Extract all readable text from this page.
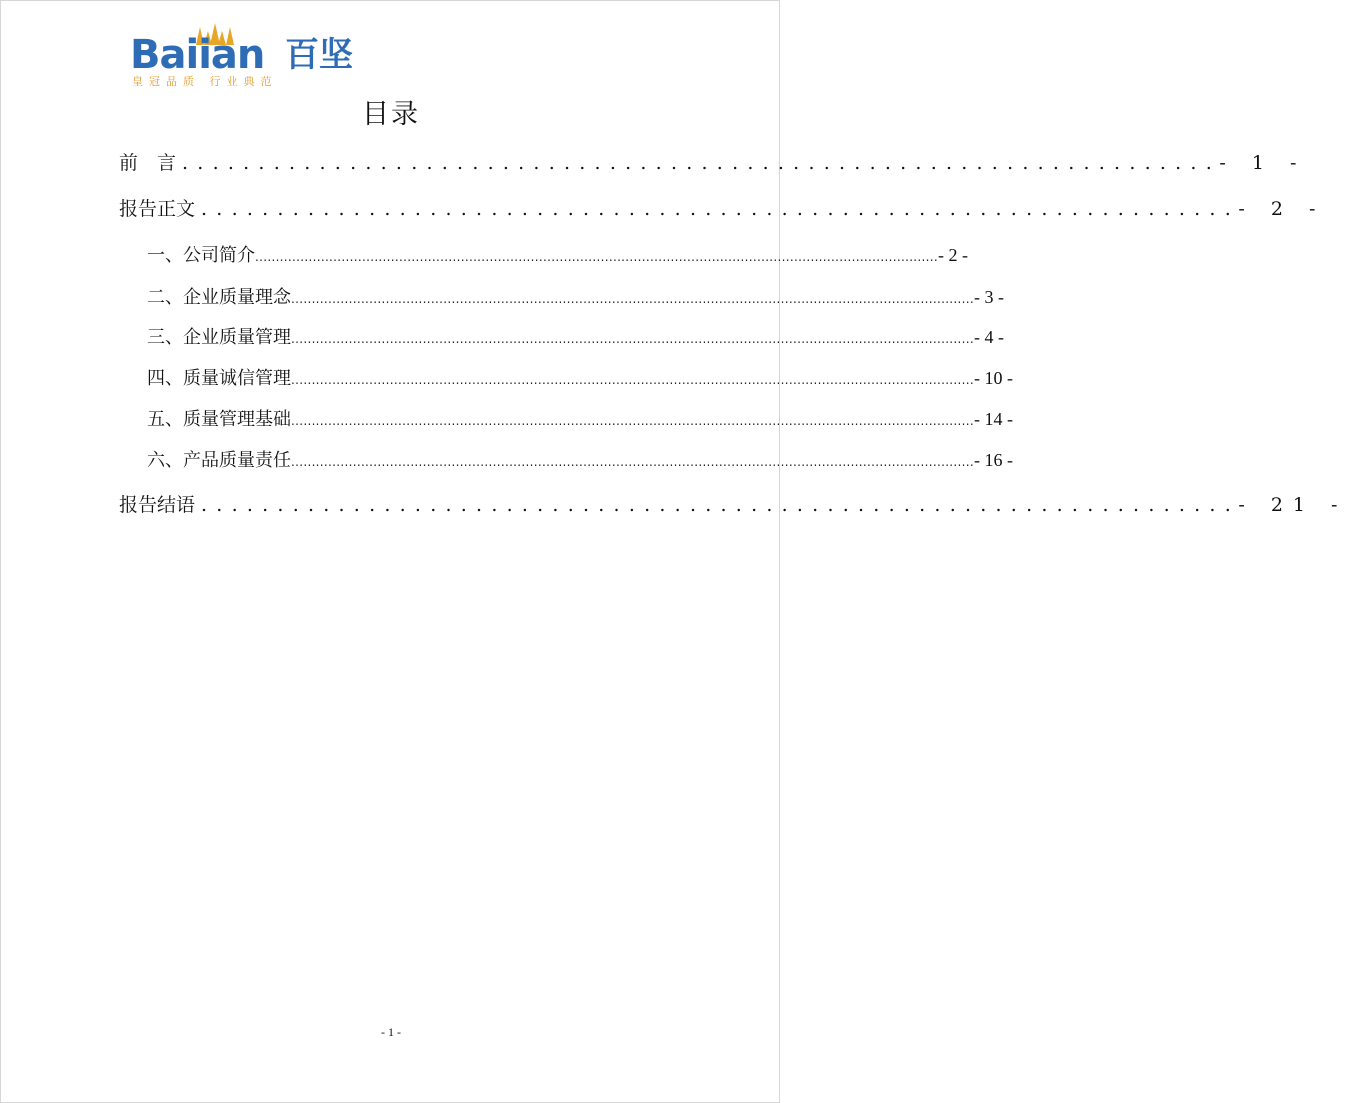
Baiian 百坚
皇冠品质 行业典范
目录
前　言 . . .	- 1 -
报告正文 . . .	- 2 -
一、公司简介 .....	- 2 -
二、企业质量理念 .....	- 3 -
三、企业质量管理 .....	- 4 -
四、质量诚信管理 .....	- 10 -
五、质量管理基础 .....	- 14 -
六、产品质量责任 .....	- 16 -
报告结语 . . .	- 21 -
- 1 -
